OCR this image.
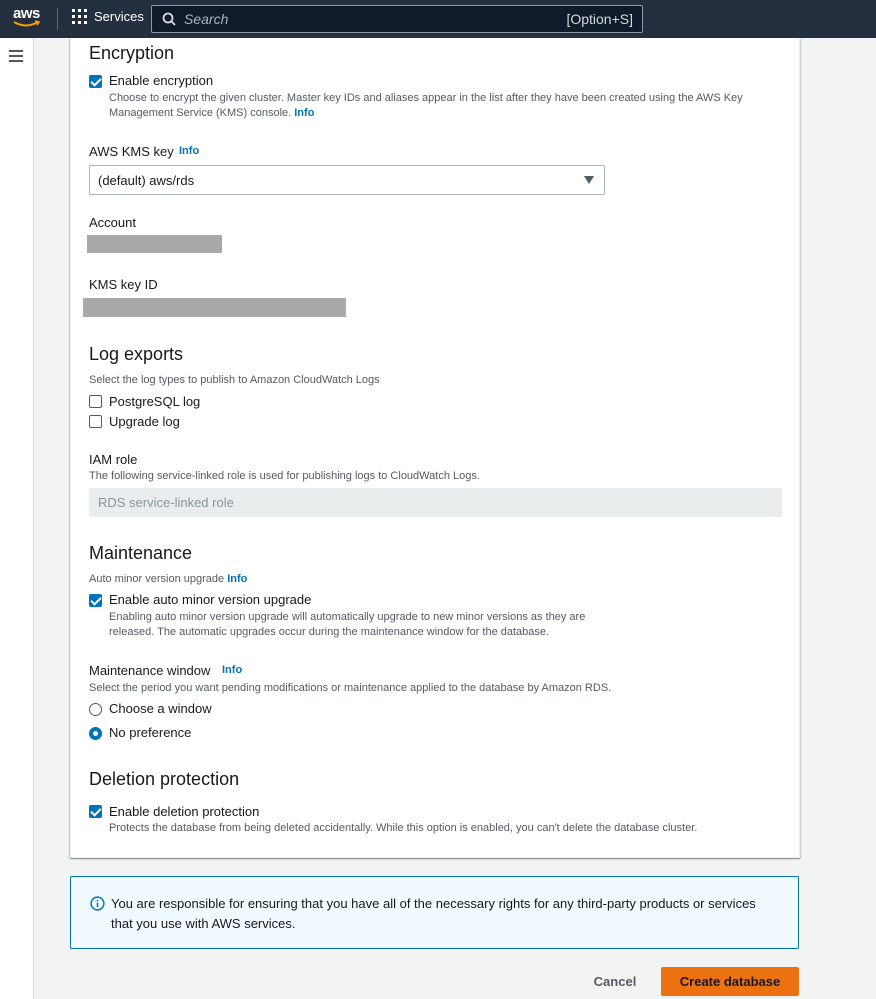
aws	Services	Search	[Option+S]
Encryption
Enable encryption
Choose to encrypt the given cluster. Master key IDs and aliases appear in the list after they have been created using the AWS Key Management Service (KMS) console. Info
AWS KMS key Info
(default) aws/rds
Account
KMS key ID
Log exports
Select the log types to publish to Amazon CloudWatch Logs
PostgreSQL log
Upgrade log
IAM role
The following service-linked role is used for publishing logs to CloudWatch Logs.
RDS service-linked role
Maintenance
Auto minor version upgrade Info
Enable auto minor version upgrade
Enabling auto minor version upgrade will automatically upgrade to new minor versions as they are released. The automatic upgrades occur during the maintenance window for the database.
Maintenance window Info
Select the period you want pending modifications or maintenance applied to the database by Amazon RDS.
Choose a window
No preference
Deletion protection
Enable deletion protection
Protects the database from being deleted accidentally. While this option is enabled, you can't delete the database cluster.
You are responsible for ensuring that you have all of the necessary rights for any third-party products or services that you use with AWS services.
Cancel	Create database
